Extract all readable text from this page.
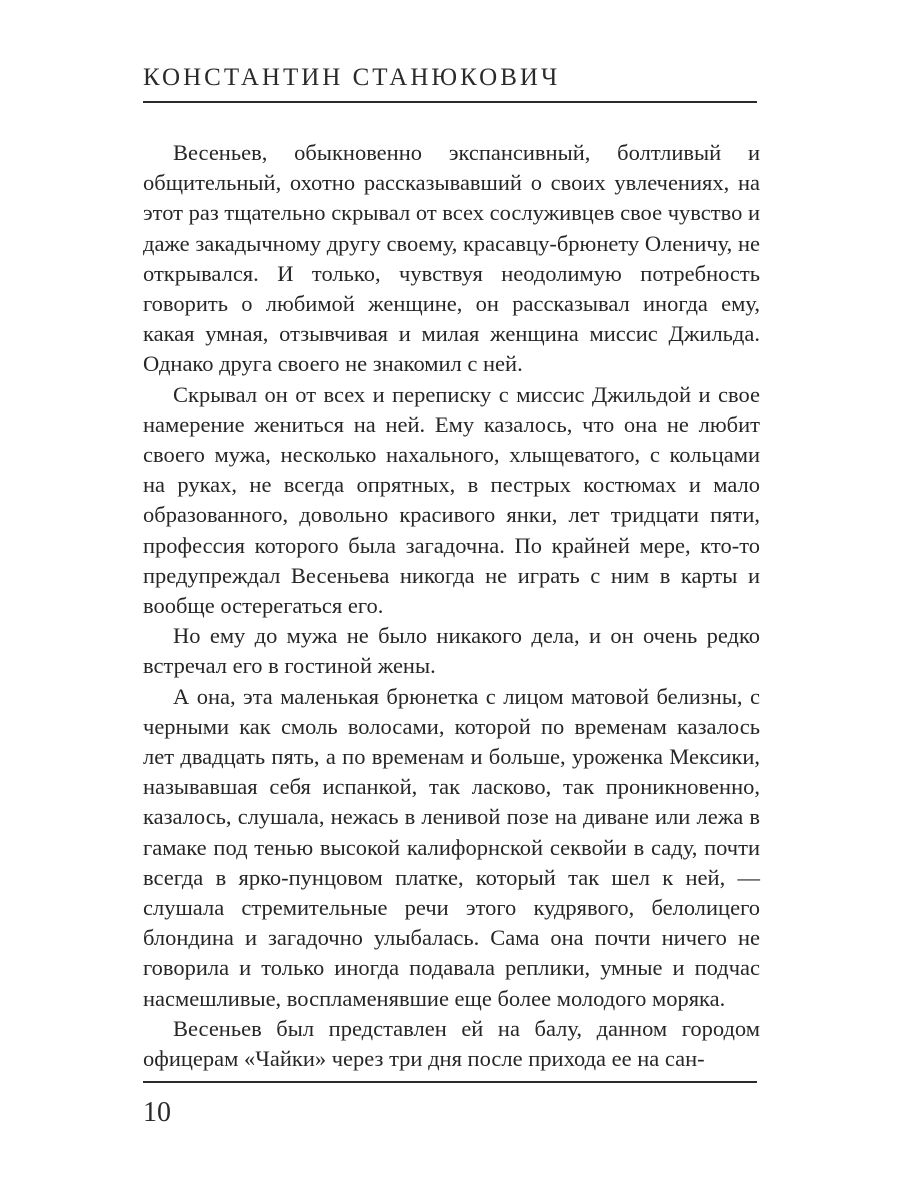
КОНСТАНТИН СТАНЮКОВИЧ

Весеньев, обыкновенно экспансивный, болтливый и общительный, охотно рассказывавший о своих увлечениях, на этот раз тщательно скрывал от всех сослуживцев свое чувство и даже закадычному другу своему, красавцу-брюнету Оленичу, не открывался. И только, чувствуя неодолимую потребность говорить о любимой женщине, он рассказывал иногда ему, какая умная, отзывчивая и милая женщина миссис Джильда. Однако друга своего не знакомил с ней.

Скрывал он от всех и переписку с миссис Джильдой и свое намерение жениться на ней. Ему казалось, что она не любит своего мужа, несколько нахального, хлыщеватого, с кольцами на руках, не всегда опрятных, в пестрых костюмах и мало образованного, довольно красивого янки, лет тридцати пяти, профессия которого была загадочна. По крайней мере, кто-то предупреждал Весеньева никогда не играть с ним в карты и вообще остерегаться его.

Но ему до мужа не было никакого дела, и он очень редко встречал его в гостиной жены.

А она, эта маленькая брюнетка с лицом матовой белизны, с черными как смоль волосами, которой по временам казалось лет двадцать пять, а по временам и больше, уроженка Мексики, называвшая себя испанкой, так ласково, так проникновенно, казалось, слушала, нежась в ленивой позе на диване или лежа в гамаке под тенью высокой калифорнской секвойи в саду, почти всегда в ярко-пунцовом платке, который так шел к ней, — слушала стремительные речи этого кудрявого, белолицего блондина и загадочно улыбалась. Сама она почти ничего не говорила и только иногда подавала реплики, умные и подчас насмешливые, воспламенявшие еще более молодого моряка.

Весеньев был представлен ей на балу, данном городом офицерам «Чайки» через три дня после прихода ее на сан-

10
